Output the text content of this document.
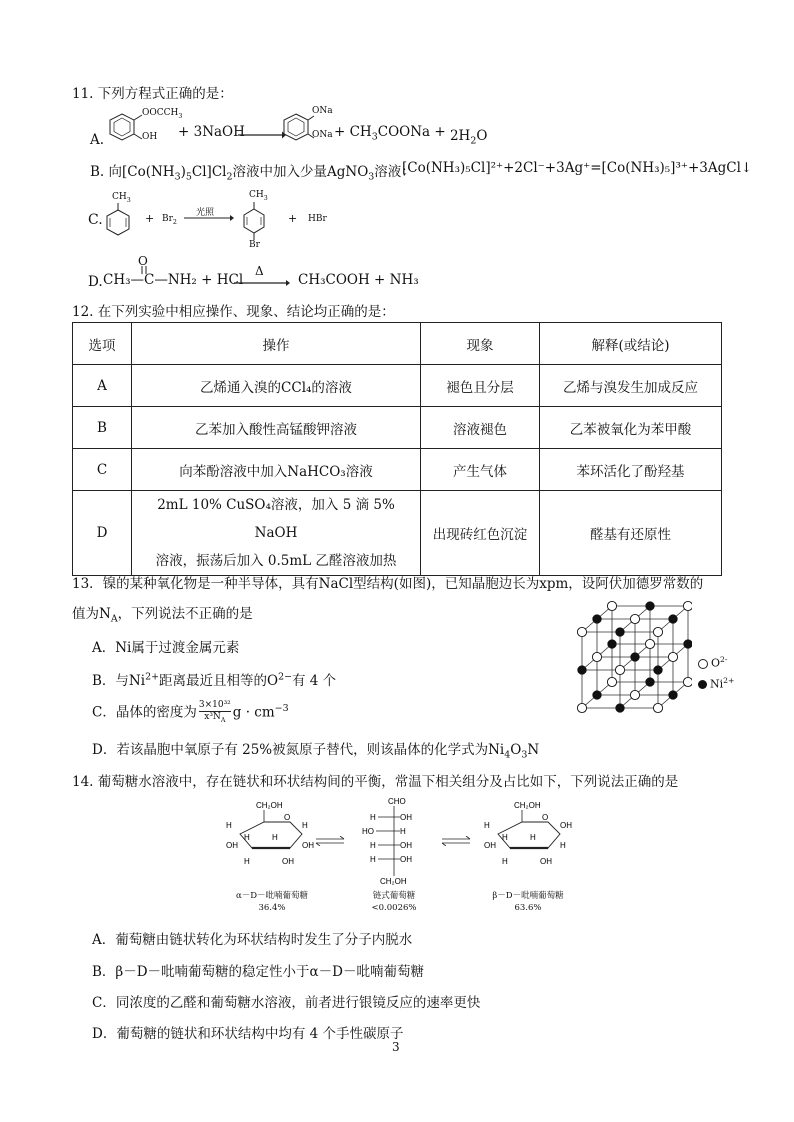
11. 下列方程式正确的是：
A.
$OOCCH_3$
OH + 3NaOH
ONa
ONa + $CH_3COONa + 2H_2O$
B. 向$[Co(NH_3)_5Cl]Cl_2$溶液中加入少量AgNO$_3$溶液：
[Co(NH₃)₅Cl]²⁺+2Cl⁻+3Ag⁺=[Co(NH₃)₅]³⁺+3AgCl↓
C.
$CH_3$
+ $Br_2$
光照
$CH_3$
Br
+ HBr
D.
O
CH₃—C—NH₂ + HCl
Δ
CH₃COOH + NH₃
12. 在下列实验中相应操作、现象、结论均正确的是：
选项	操作	现象	解释(或结论)
A	乙烯通入溴的CCl₄的溶液	褪色且分层	乙烯与溴发生加成反应
B	乙苯加入酸性高锰酸钾溶液	溶液褪色	乙苯被氧化为苯甲酸
C	向苯酚溶液中加入NaHCO₃溶液	产生气体	苯环活化了酚羟基
D	2mL 10% CuSO₄溶液，加入 5 滴 5% NaOH
溶液，振荡后加入 0.5mL 乙醛溶液加热	出现砖红色沉淀	醛基有还原性
13．镍的某种氧化物是一种半导体，具有NaCl型结构(如图)，已知晶胞边长为xpm，设阿伏加德罗常数的
值为$N_A$，下列说法不正确的是
A．Ni属于过渡金属元素
B．与$Ni^{2+}$距离最近且相等的$O^{2-}$有 4 个
C．晶体的密度为 $\frac{\text{3×10³²}}{x^3N_A}$ $g \cdot cm^{-3}$
D．若该晶胞中氧原子有 25%被氮原子替代，则该晶体的化学式为$Ni_4O_3N$
$O^{2-}$
$Ni^{2+}$
14. 葡萄糖水溶液中，存在链状和环状结构间的平衡，常温下相关组分及占比如下，下列说法正确的是
CH₂OH
O
H
H
OH
H
H
OH
H	OH
α－D－吡喃葡萄糖
36.4%
CHO
H	OH
HO	H
H	OH
H	OH
CH₂OH
链式葡萄糖
<0.0026%
CH₂OH
O
H
H
OH
H
OH
H
H	OH
β－D－吡喃葡萄糖
63.6%
A．葡萄糖由链状转化为环状结构时发生了分子内脱水
B．β－D－吡喃葡萄糖的稳定性小于α－D－吡喃葡萄糖
C．同浓度的乙醛和葡萄糖水溶液，前者进行银镜反应的速率更快
D．葡萄糖的链状和环状结构中均有 4 个手性碳原子
3
